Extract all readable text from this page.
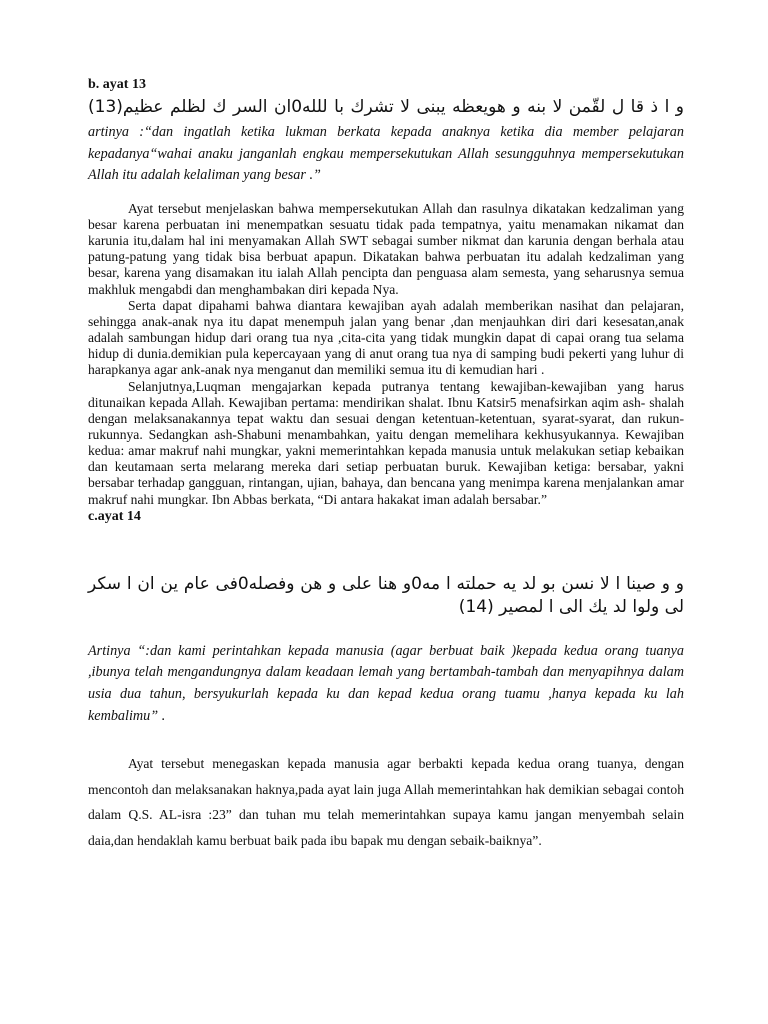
b. ayat 13
و ا ذ قا ل لقّمن لا بنه و هويعظه يبنى لا تشرك با للله0ان السر ك لظلم عظيم(13)
artinya :“dan ingatlah ketika lukman berkata kepada anaknya ketika dia member pelajaran kepadanya“wahai anaku janganlah engkau mempersekutukan Allah sesungguhnya mempersekutukan Allah itu adalah kelaliman yang besar .”
Ayat tersebut menjelaskan bahwa mempersekutukan Allah dan rasulnya dikatakan kedzaliman yang besar karena perbuatan ini menempatkan sesuatu tidak pada tempatnya, yaitu menamakan nikamat dan karunia itu,dalam hal ini menyamakan Allah SWT sebagai sumber nikmat dan karunia dengan berhala atau patung-patung yang tidak bisa berbuat apapun. Dikatakan bahwa perbuatan itu adalah kedzaliman yang besar, karena yang disamakan itu ialah Allah pencipta dan penguasa alam semesta, yang seharusnya semua makhluk mengabdi dan menghambakan diri kepada Nya.
Serta dapat dipahami bahwa diantara kewajiban ayah adalah memberikan nasihat dan pelajaran, sehingga anak-anak nya itu dapat menempuh jalan yang benar ,dan menjauhkan diri dari kesesatan,anak adalah sambungan hidup dari orang tua nya ,cita-cita yang tidak mungkin dapat di capai orang tua selama hidup di dunia.demikian pula kepercayaan yang di anut orang tua nya di samping budi pekerti yang luhur di harapkanya agar ank-anak nya menganut dan memiliki semua itu di kemudian hari .
Selanjutnya,Luqman mengajarkan kepada putranya tentang kewajiban-kewajiban yang harus ditunaikan kepada Allah. Kewajiban pertama: mendirikan shalat. Ibnu Katsir5 menafsirkan aqim ash- shalah dengan melaksanakannya tepat waktu dan sesuai dengan ketentuan-ketentuan, syarat-syarat, dan rukun-rukunnya. Sedangkan ash-Shabuni menambahkan, yaitu dengan memelihara kekhusyukannya. Kewajiban kedua: amar makruf nahi mungkar, yakni memerintahkan kepada manusia untuk melakukan setiap kebaikan dan keutamaan serta melarang mereka dari setiap perbuatan buruk. Kewajiban ketiga: bersabar, yakni bersabar terhadap gangguan, rintangan, ujian, bahaya, dan bencana yang menimpa karena menjalankan amar makruf nahi mungkar. Ibn Abbas berkata, “Di antara hakakat iman adalah bersabar.”
c.ayat 14
و و صينا ا لا نسن بو لد يه حملته ا مه0و هنا على و هن وفصله0فى عام ين ان ا سكر لى ولوا لد يك الى ا لمصير (14)
Artinya “:dan kami perintahkan kepada manusia (agar berbuat baik )kepada kedua orang tuanya ,ibunya telah mengandungnya dalam keadaan lemah yang bertambah-tambah dan menyapihnya dalam usia dua tahun, bersyukurlah kepada ku dan kepad kedua orang tuamu ,hanya kepada ku lah kembalimu” .
Ayat tersebut menegaskan kepada manusia agar berbakti kepada kedua orang tuanya, dengan mencontoh dan melaksanakan haknya,pada ayat lain juga Allah memerintahkan hak demikian sebagai contoh dalam Q.S. AL-isra :23” dan tuhan mu telah memerintahkan supaya kamu jangan menyembah selain daia,dan hendaklah kamu berbuat baik pada ibu bapak mu dengan sebaik-baiknya”.
